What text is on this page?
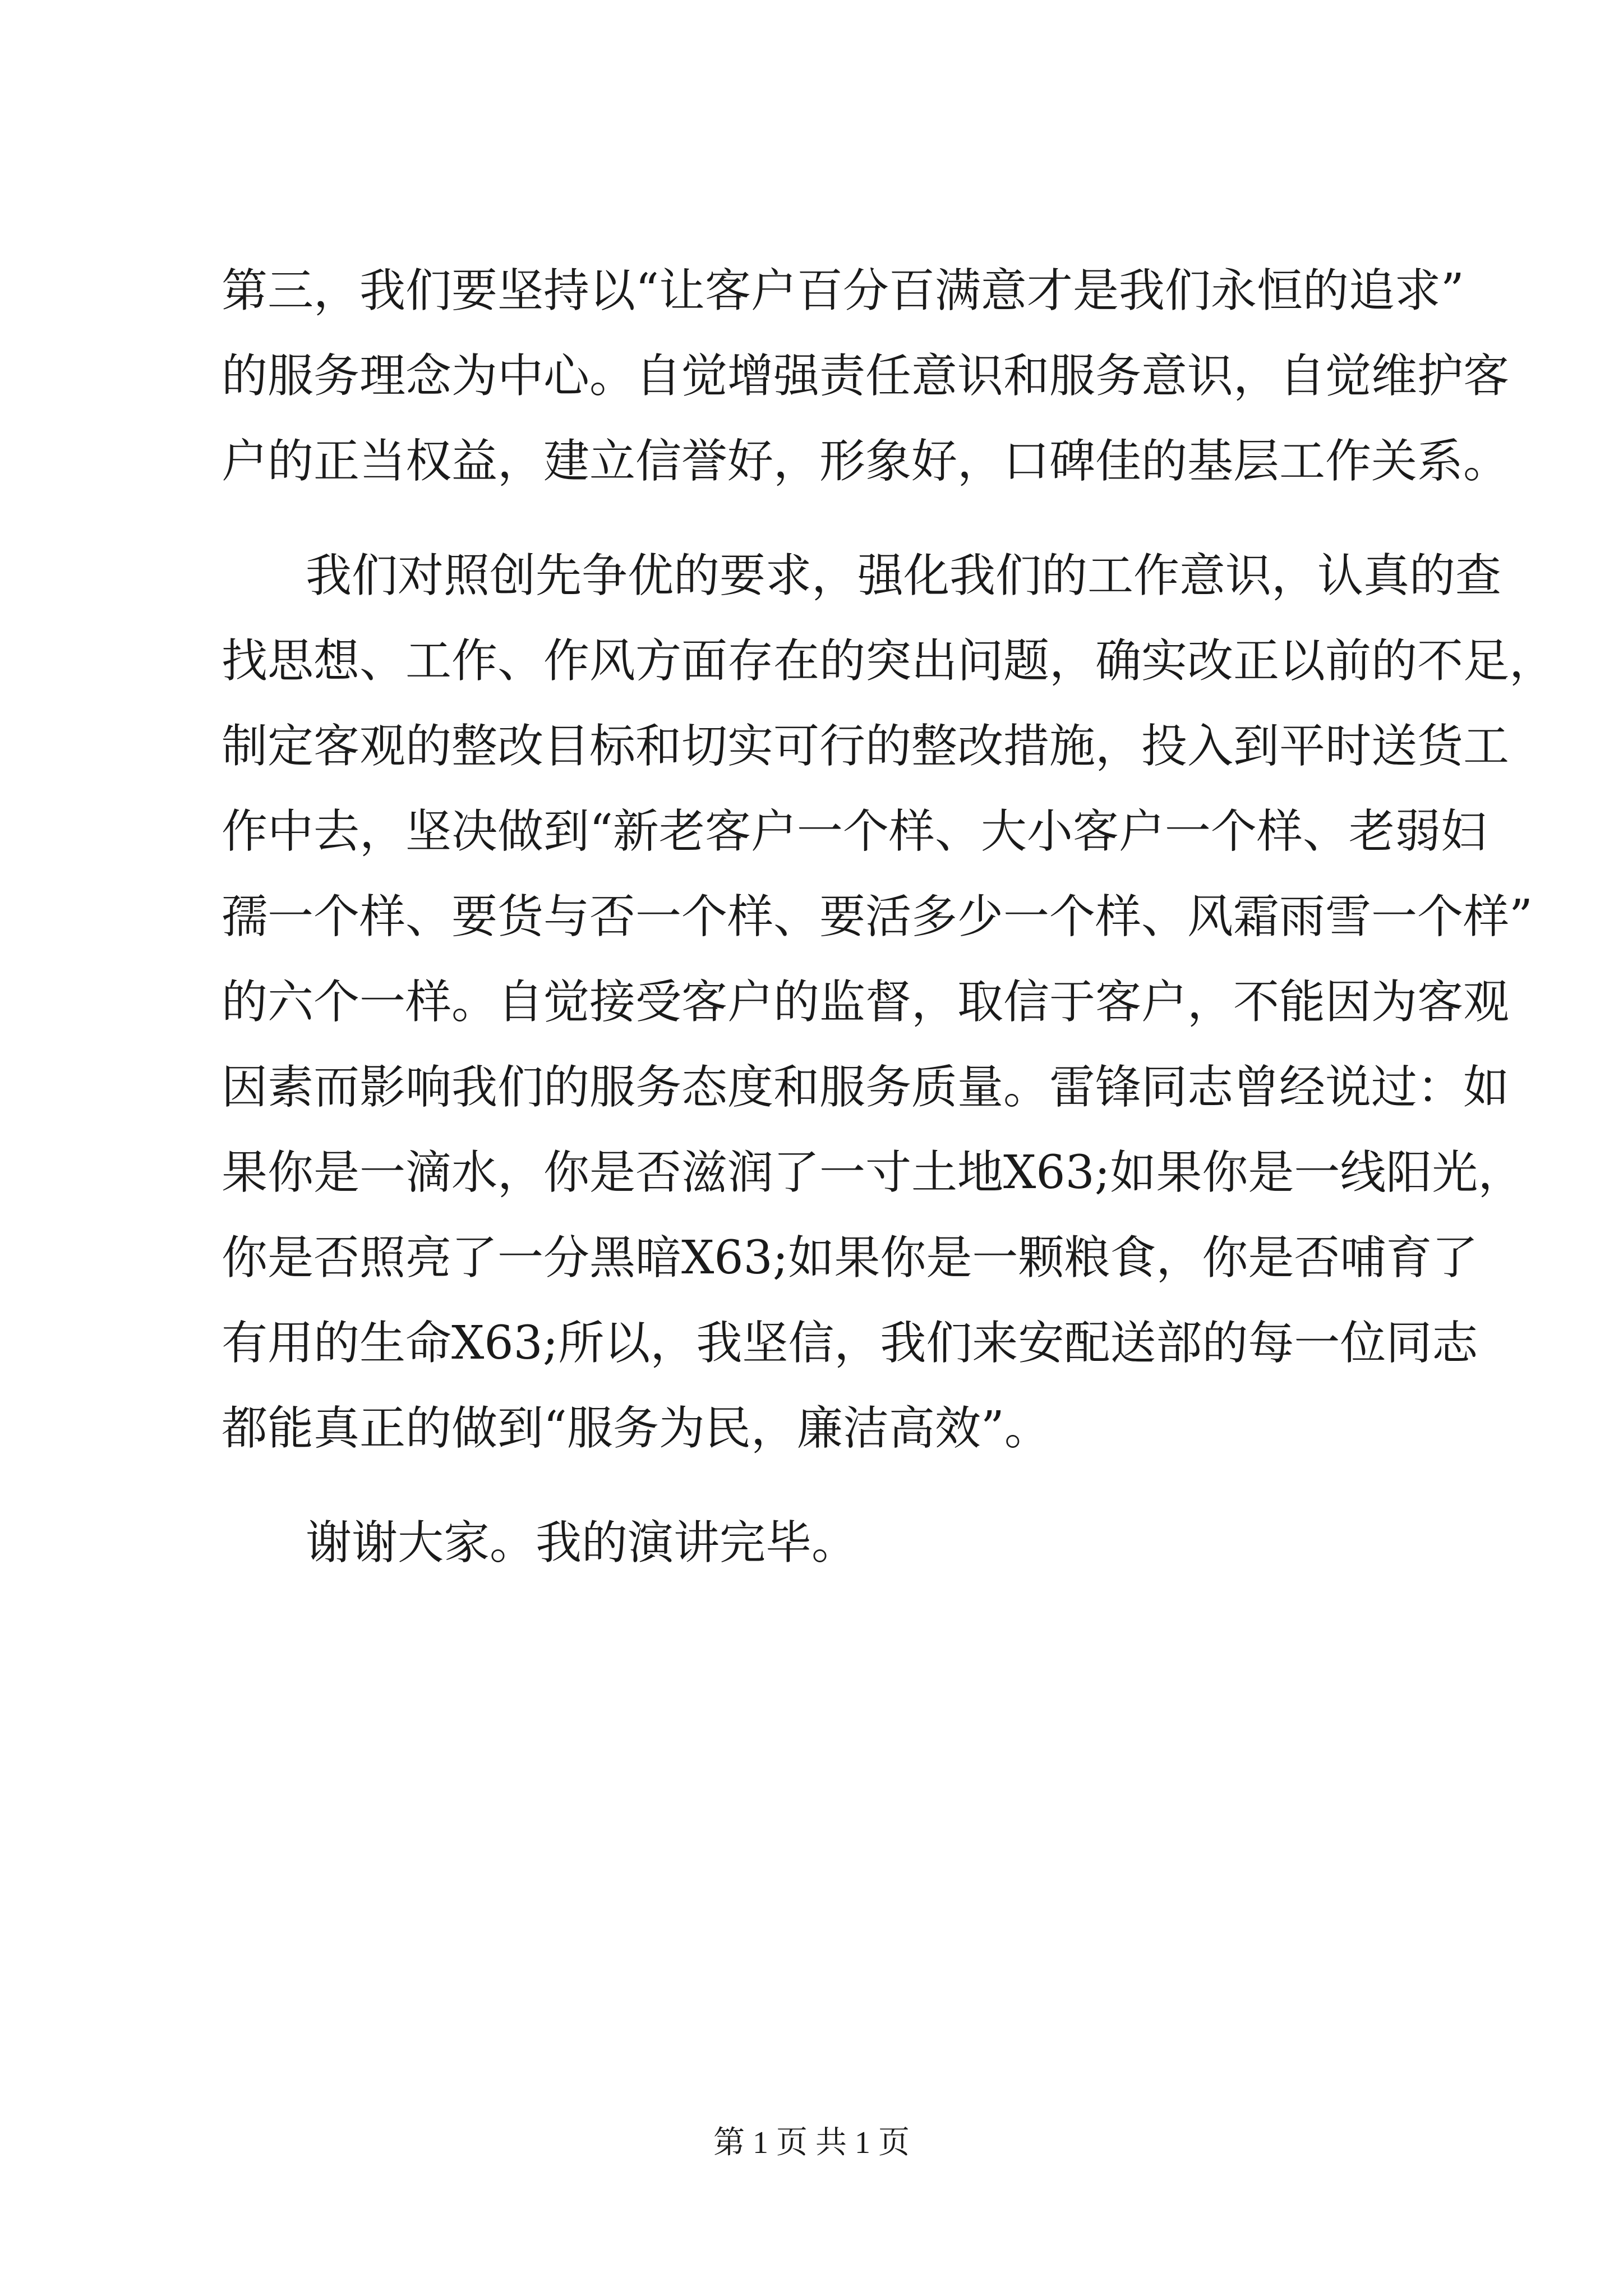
第三，我们要坚持以“让客户百分百满意才是我们永恒的追求”
的服务理念为中心。自觉增强责任意识和服务意识，自觉维护客
户的正当权益，建立信誉好，形象好，口碑佳的基层工作关系。
我们对照创先争优的要求，强化我们的工作意识，认真的查
找思想、工作、作风方面存在的突出问题，确实改正以前的不足，
制定客观的整改目标和切实可行的整改措施，投入到平时送货工
作中去，坚决做到“新老客户一个样、大小客户一个样、老弱妇
孺一个样、要货与否一个样、要活多少一个样、风霜雨雪一个样”
的六个一样。自觉接受客户的监督，取信于客户，不能因为客观
因素而影响我们的服务态度和服务质量。雷锋同志曾经说过：如
果你是一滴水，你是否滋润了一寸土地X63;如果你是一线阳光，
你是否照亮了一分黑暗X63;如果你是一颗粮食，你是否哺育了
有用的生命X63;所以，我坚信，我们来安配送部的每一位同志
都能真正的做到“服务为民，廉洁高效”。
谢谢大家。我的演讲完毕。
第 1 页 共 1 页
